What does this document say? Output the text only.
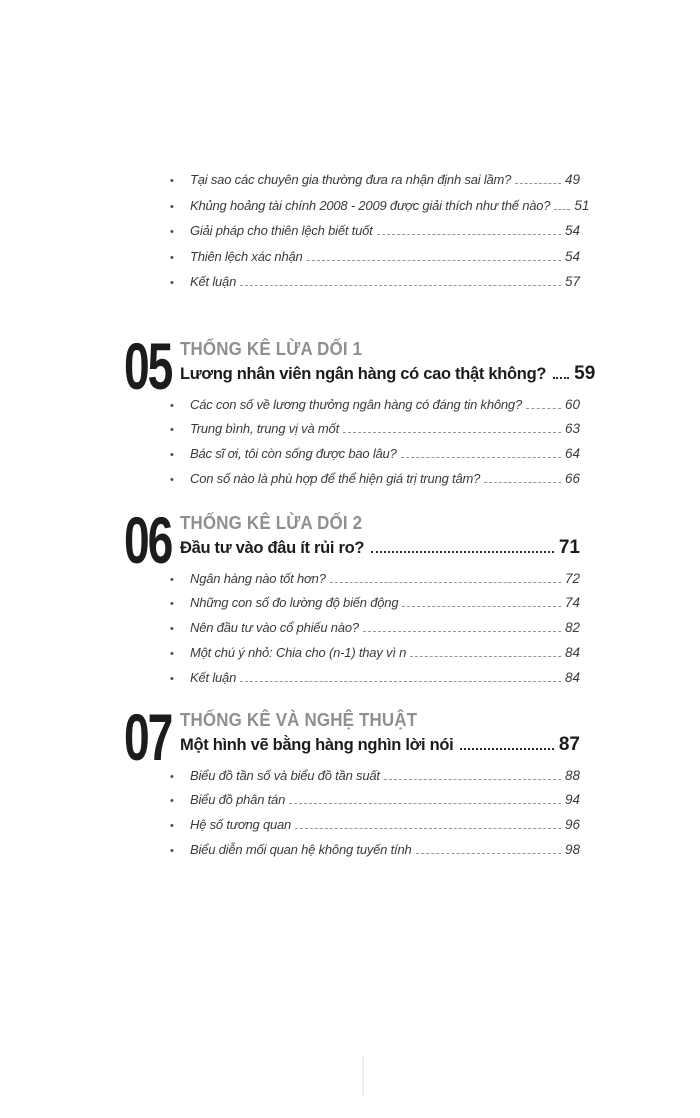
•	Tại sao các chuyên gia thường đưa ra nhận định sai lầm?	49
•	Khủng hoảng tài chính 2008 - 2009 được giải thích như thế nào? 51
•	Giải pháp cho thiên lệch biết tuốt	54
•	Thiên lệch xác nhận	54
•	Kết luận	57
05 THỐNG KÊ LỪA DỐI 1
Lương nhân viên ngân hàng có cao thật không? 59
•	Các con số về lương thưởng ngân hàng có đáng tin không?	60
•	Trung bình, trung vị và mốt	63
•	Bác sĩ ơi, tôi còn sống được bao lâu?	64
•	Con số nào là phù hợp để thể hiện giá trị trung tâm?	66
06 THỐNG KÊ LỪA DỐI 2
Đầu tư vào đâu ít rủi ro?	71
•	Ngân hàng nào tốt hơn?	72
•	Những con số đo lường độ biến động	74
•	Nên đầu tư vào cổ phiếu nào?	82
•	Một chú ý nhỏ: Chia cho (n-1) thay vì n	84
•	Kết luận	84
07 THỐNG KÊ VÀ NGHỆ THUẬT
Một hình vẽ bằng hàng nghìn lời nói	87
•	Biểu đồ tần số và biểu đồ tần suất	88
•	Biểu đồ phân tán	94
•	Hệ số tương quan	96
•	Biểu diễn mối quan hệ không tuyến tính	98
